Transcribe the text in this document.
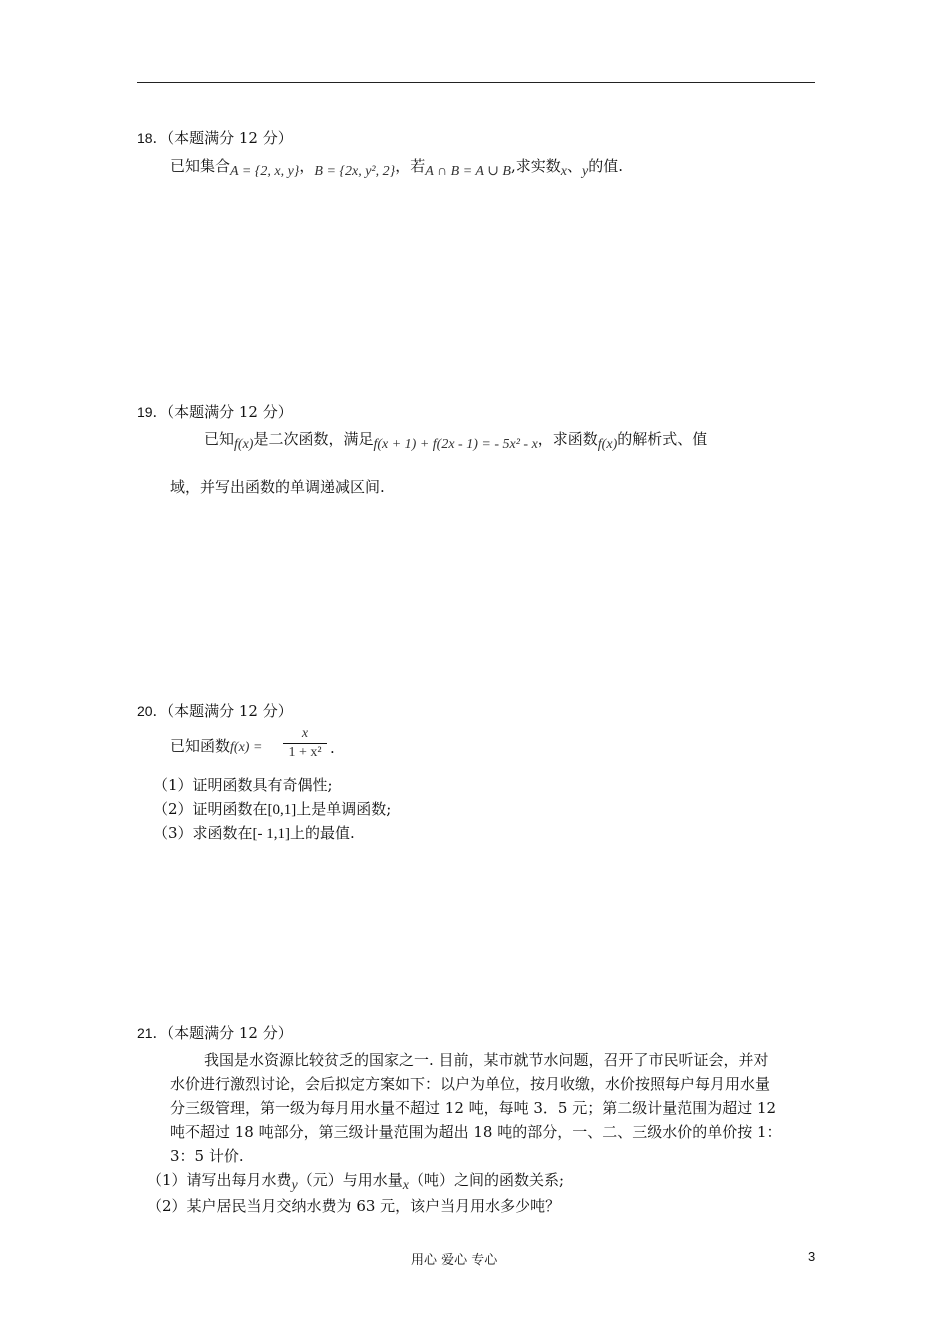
18．（本题满分 12 分）
已知集合A = {2, x, y}，B = {2x, y², 2}，若A ∩ B = A ∪ B,求实数x、y的值.
19．（本题满分 12 分）
已知f(x)是二次函数，满足f(x + 1) + f(2x - 1) = - 5x² - x，求函数f(x)的解析式、值
域，并写出函数的单调递减区间.
20．（本题满分 12 分）
已知函数f(x) =
x
1 + x² .
（1）证明函数具有奇偶性;
（2）证明函数在[0,1]上是单调函数;
（3）求函数在[- 1,1]上的最值.
21．（本题满分 12 分）
我国是水资源比较贫乏的国家之一. 目前，某市就节水问题，召开了市民听证会，并对
水价进行激烈讨论，会后拟定方案如下：以户为单位，按月收缴，水价按照每户每月用水量
分三级管理，第一级为每月用水量不超过 12 吨，每吨 3．5 元；第二级计量范围为超过 12
吨不超过 18 吨部分，第三级计量范围为超出 18 吨的部分，一、二、三级水价的单价按 1：
3：5 计价.
（1）请写出每月水费y（元）与用水量x（吨）之间的函数关系;
（2）某户居民当月交纳水费为 63 元，该户当月用水多少吨？
用心 爱心 专心	3
